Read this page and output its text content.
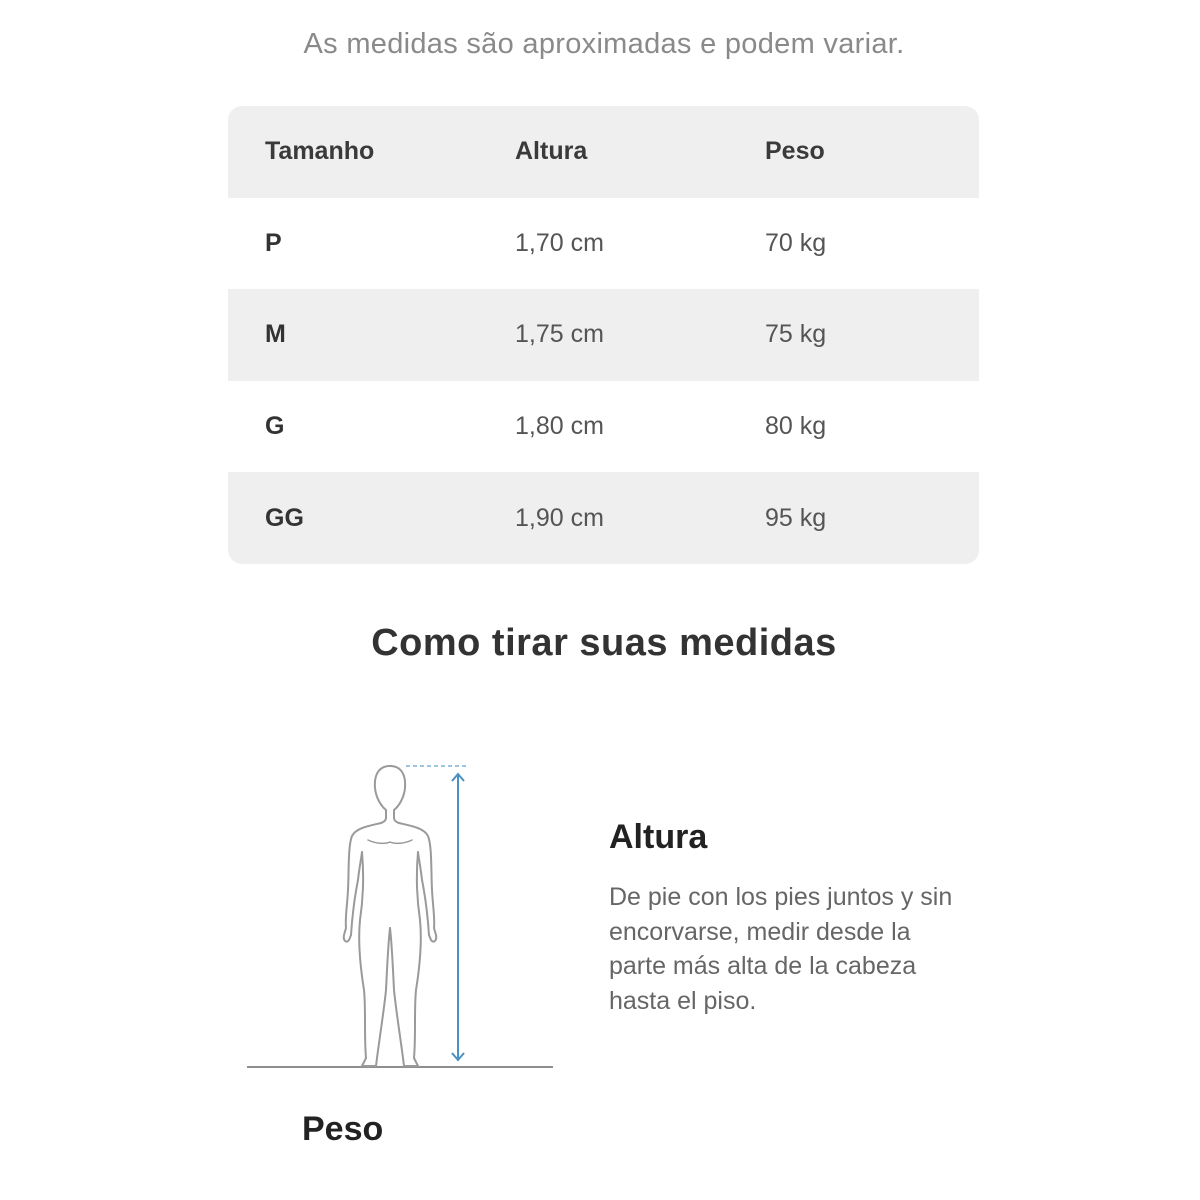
As medidas são aproximadas e podem variar.
Tamanho	Altura	Peso
P	1,70 cm	70 kg
M	1,75 cm	75 kg
G	1,80 cm	80 kg
GG	1,90 cm	95 kg
Como tirar suas medidas
Altura
De pie con los pies juntos y sin encorvarse, medir desde la parte más alta de la cabeza hasta el piso.
Peso
